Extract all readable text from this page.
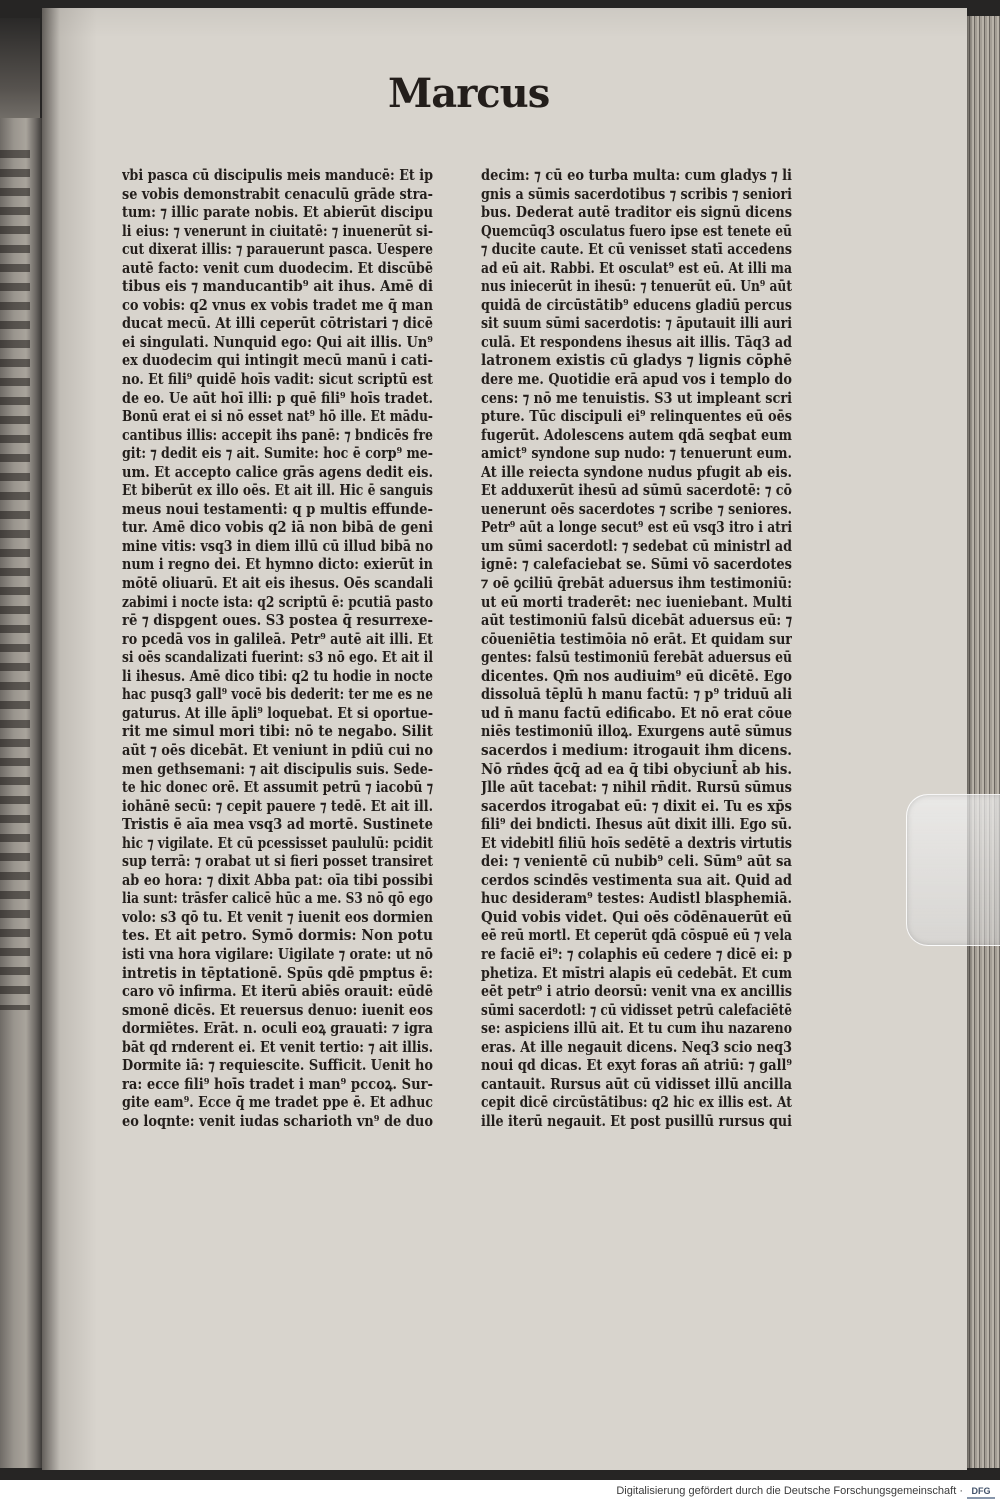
Marcus
vbi pasca cū discipulis meis manducē: Et ip
se vobis demonstrabit cenaculū grāde stra-
tum: ⁊ illic parate nobis. Et abierūt discipu
li eius: ⁊ venerunt in ciuitatē: ⁊ inuenerūt si-
cut dixerat illis: ⁊ parauerunt pasca. Uespere
autē facto: venit cum duodecim. Et discūbē
tibus eis ⁊ manducantib⁹ ait ihus. Amē di
co vobis: q2 vnus ex vobis tradet me q̄ man
ducat mecū. At illi ceperūt cōtristari ⁊ dicē
ei singulati. Nunquid ego: Qui ait illis. Un⁹
ex duodecim qui intingit mecū manū i cati-
no. Et fili⁹ quidē hoīs vadit: sicut scriptū est
de eo. Ue aūt hoī illi: p quē fili⁹ hoīs tradet.
Bonū erat ei si nō esset nat⁹ hō ille. Et mādu-
cantibus illis: accepit ihs panē: ⁊ bndicēs fre
git: ⁊ dedit eis ⁊ ait. Sumite: hoc ē corp⁹ me-
um. Et accepto calice grās agens dedit eis.
Et biberūt ex illo oēs. Et ait ill. Hic ē sanguis
meus noui testamenti: q p multis effunde-
tur. Amē dico vobis q2 iā non bibā de geni
mine vitis: vsq3 in diem illū cū illud bibā no
num i regno dei. Et hymno dicto: exierūt in
mōtē oliuarū. Et ait eis ihesus. Oēs scandali
zabimi i nocte ista: q2 scriptū ē: pcutiā pasto
rē ⁊ dispgent oues. S3 postea q̄ resurrexe-
ro pcedā vos in galileā. Petr⁹ autē ait illi. Et
si oēs scandalizati fuerint: s3 nō ego. Et ait il
li ihesus. Amē dico tibi: q2 tu hodie in nocte
hac pusq3 gall⁹ vocē bis dederit: ter me es ne
gaturus. At ille āpli⁹ loquebat. Et si oportue-
rit me simul mori tibi: nō te negabo. Silit
aūt ⁊ oēs dicebāt. Et veniunt in pdiū cui no
men gethsemani: ⁊ ait discipulis suis. Sede-
te hic donec orē. Et assumit petrū ⁊ iacobū ⁊
iohānē secū: ⁊ cepit pauere ⁊ tedē. Et ait ill.
Tristis ē aīa mea vsq3 ad mortē. Sustinete
hic ⁊ vigilate. Et cū pcessisset paululū: pcidit
sup terrā: ⁊ orabat ut si fieri posset transiret
ab eo hora: ⁊ dixit Abba pat: oīa tibi possibi
lia sunt: trāsfer calicē hūc a me. S3 nō qō ego
volo: s3 qō tu. Et venit ⁊ iuenit eos dormien
tes. Et ait petro. Symō dormis: Non potu
isti vna hora vigilare: Uigilate ⁊ orate: ut nō
intretis in tēptationē. Spūs qdē pmptus ē:
caro vō infirma. Et iterū abiēs orauit: eūdē
smonē dicēs. Et reuersus denuo: iuenit eos
dormiētes. Erāt. n. oculi eoꝝ grauati: ⁊ igra
bāt qd rnderent ei. Et venit tertio: ⁊ ait illis.
Dormite iā: ⁊ requiescite. Sufficit. Uenit ho
ra: ecce fili⁹ hoīs tradet i man⁹ pccoꝝ. Sur-
gite eam⁹. Ecce q̄ me tradet ppe ē. Et adhuc
eo loqnte: venit iudas scharioth vn⁹ de duo
decim: ⁊ cū eo turba multa: cum gladys ⁊ li
gnis a sūmis sacerdotibus ⁊ scribis ⁊ seniori
bus. Dederat autē traditor eis signū dicens
Quemcūq3 osculatus fuero ipse est tenete eū
⁊ ducite caute. Et cū venisset statī accedens
ad eū ait. Rabbi. Et osculat⁹ est eū. At illi ma
nus iniecerūt in ihesū: ⁊ tenuerūt eū. Un⁹ aūt
quidā de circūstātib⁹ educens gladiū percus
sit suum sūmi sacerdotis: ⁊ āputauit illi auri
culā. Et respondens ihesus ait illis. Tāq3 ad
latronem existis cū gladys ⁊ lignis cōphē
dere me. Quotidie erā apud vos i templo do
cens: ⁊ nō me tenuistis. S3 ut impleant scri
pture. Tūc discipuli ei⁹ relinquentes eū oēs
fugerūt. Adolescens autem qdā seqbat eum
amict⁹ syndone sup nudo: ⁊ tenuerunt eum.
At ille reiecta syndone nudus pfugit ab eis.
Et adduxerūt ihesū ad sūmū sacerdotē: ⁊ cō
uenerunt oēs sacerdotes ⁊ scribe ⁊ seniores.
Petr⁹ aūt a longe secut⁹ est eū vsq3 itro i atri
um sūmi sacerdotl: ⁊ sedebat cū ministrl ad
ignē: ⁊ calefaciebat se. Sūmi vō sacerdotes
⁊ oē ꝯciliū q̄rebāt aduersus ihm testimoniū:
ut eū morti traderēt: nec iueniebant. Multi
aūt testimoniū falsū dicebāt aduersus eū: ⁊
cōueniētia testimōia nō erāt. Et quidam sur
gentes: falsū testimoniū ferebāt aduersus eū
dicentes. Qm̄ nos audiuim⁹ eū dicētē. Ego
dissoluā tēplū h manu factū: ⁊ p⁹ triduū ali
ud n̄ manu factū edificabo. Et nō erat cōue
niēs testimoniū illoꝝ. Exurgens autē sūmus
sacerdos i medium: itrogauit ihm dicens.
Nō rn̄des q̄cq̄ ad ea q̄ tibi obyciunt̄ ab his.
Jlle aūt tacebat: ⁊ nihil rn̄dit. Rursū sūmus
sacerdos itrogabat eū: ⁊ dixit ei. Tu es xp̄s
fili⁹ dei bndicti. Ihesus aūt dixit illi. Ego sū.
Et videbitl filiū hoīs sedētē a dextris virtutis
dei: ⁊ venientē cū nubib⁹ celi. Sūm⁹ aūt sa
cerdos scindēs vestimenta sua ait. Quid ad
huc desideram⁹ testes: Audistl blasphemiā.
Quid vobis videt. Qui oēs cōdēnauerūt eū
eē reū mortl. Et ceperūt qdā cōspuē eū ⁊ vela
re faciē ei⁹: ⁊ colaphis eū cedere ⁊ dicē ei: p
phetiza. Et mīstri alapis eū cedebāt. Et cum
eēt petr⁹ i atrio deorsū: venit vna ex ancillis
sūmi sacerdotl: ⁊ cū vidisset petrū calefaciētē
se: aspiciens illū ait. Et tu cum ihu nazareno
eras. At ille negauit dicens. Neq3 scio neq3
noui qd dicas. Et exyt foras añ atriū: ⁊ gall⁹
cantauit. Rursus aūt cū vidisset illū ancilla
cepit dicē circūstātibus: q2 hic ex illis est. At
ille iterū negauit. Et post pusillū rursus qui
Digitalisierung gefördert durch die Deutsche Forschungsgemeinschaft · DFG
